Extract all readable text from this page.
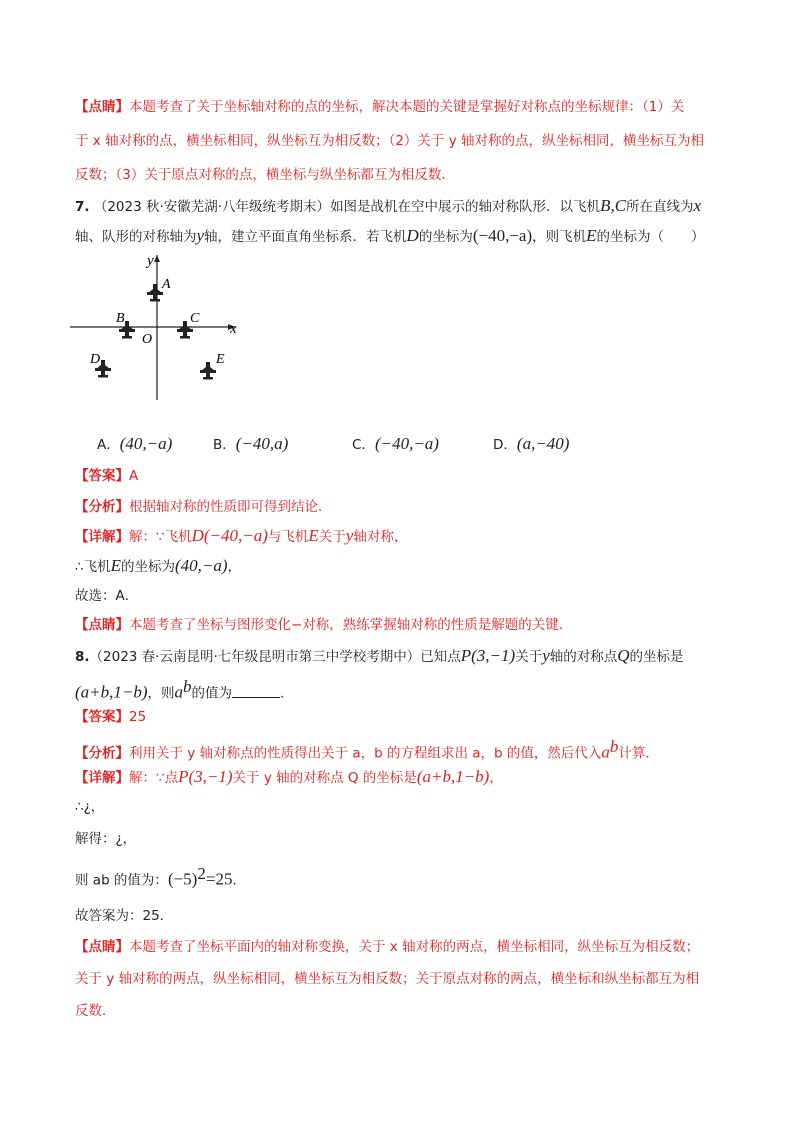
【点睛】本题考查了关于坐标轴对称的点的坐标，解决本题的关键是掌握好对称点的坐标规律：（1）关
于 x 轴对称的点，横坐标相同，纵坐标互为相反数；（2）关于 y 轴对称的点，纵坐标相同，横坐标互为相
反数；（3）关于原点对称的点，横坐标与纵坐标都互为相反数.
7. （2023 秋·安徽芜湖·八年级统考期末）如图是战机在空中展示的轴对称队形．以飞机B,C所在直线为x
轴、队形的对称轴为y轴，建立平面直角坐标系．若飞机D的坐标为(−40,−a)，则飞机E的坐标为（　　）
y
x
O
A
B	C
D	E
A．(40,−a)	B．(−40,a)	C．(−40,−a)	D．(a,−40)
【答案】A
【分析】根据轴对称的性质即可得到结论．
【详解】解：∵飞机D(−40,−a)与飞机E关于y轴对称，
∴飞机E的坐标为(40,−a)，
故选：A．
【点睛】本题考查了坐标与图形变化−对称，熟练掌握轴对称的性质是解题的关键．
8.（2023 春·云南昆明·七年级昆明市第三中学校考期中）已知点P(3,−1)关于y轴的对称点Q的坐标是
(a+b,1−b)，则$a^b$的值为	.
【答案】25
【分析】利用关于 y 轴对称点的性质得出关于 a，b 的方程组求出 a，b 的值，然后代入$a^b$计算．
【详解】解：∵点P(3,−1)关于 y 轴的对称点 Q 的坐标是(a+b,1−b)，
∴¿，
解得：¿，
则 ab 的值为：$(-5)^2=25$．
故答案为：25．
【点睛】本题考查了坐标平面内的轴对称变换，关于 x 轴对称的两点，横坐标相同，纵坐标互为相反数；
关于 y 轴对称的两点，纵坐标相同，横坐标互为相反数；关于原点对称的两点，横坐标和纵坐标都互为相
反数．
